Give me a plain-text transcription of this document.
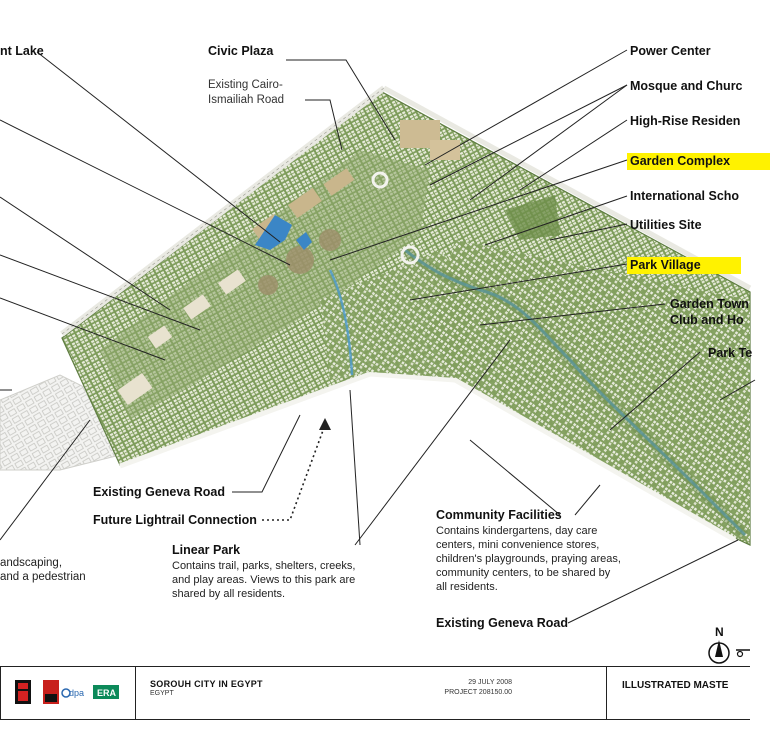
nt Lake	Civic Plaza
Existing Cairo-
Ismailiah Road
Power Center
Mosque and Churc
High-Rise Residen
Garden Complex
International Scho
Utilities Site
Park Village
Garden Town
Club and Ho
Park Te
Existing Geneva Road
Future Lightrail Connection
Linear Park
Contains trail, parks, shelters, creeks,
and play areas. Views to this park are
shared by all residents.
Community Facilities
Contains kindergartens, day care
centers, mini convenience stores,
children's playgrounds, praying areas,
community centers, to be shared by
all residents.
Existing Geneva Road
andscaping,
and a pedestrian
N
dpa ERA
SOROUH CITY IN EGYPT
EGYPT
29 JULY 2008
PROJECT 208150.00
ILLUSTRATED MASTE
